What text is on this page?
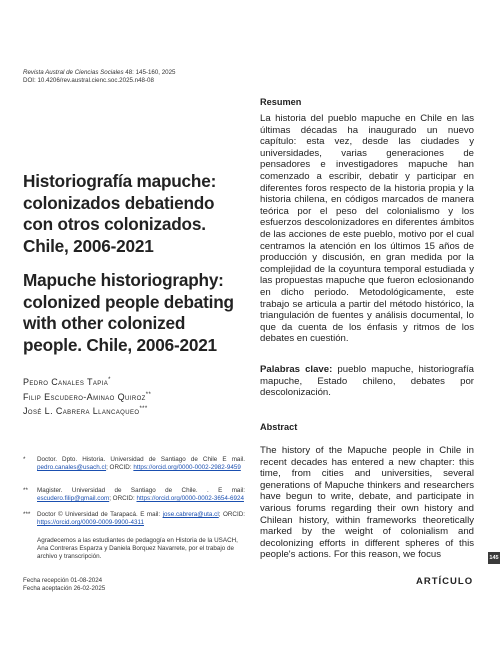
Revista Austral de Ciencias Sociales 48: 145-160, 2025
DOI: 10.4206/rev.austral.cienc.soc.2025.n48-08
Historiografía mapuche: colonizados debatiendo con otros colonizados. Chile, 2006-2021
Mapuche historiography: colonized people debating with other colonized people. Chile, 2006-2021
Pedro Canales Tapia*
Filip Escudero-Aminao Quiroz**
José L. Cabrera Llancaqueo***
* Doctor. Dpto. Historia. Universidad de Santiago de Chile E mail. pedro.canales@usach.cl; ORCID: https://orcid.org/0000-0002-2982-9459
** Magister. Universidad de Santiago de Chile. . E mail: escudero.filip@gmail.com; ORCID: https://orcid.org/0000-0002-3654-6924
*** Doctor © Universidad de Tarapacá. E mail: jose.cabrera@uta.cl; ORCID: https://orcid.org/0009-0009-9900-4311
Agradecemos a las estudiantes de pedagogía en Historia de la USACH, Ana Contreras Esparza y Daniela Borquez Navarrete, por el trabajo de archivo y transcripción.
Fecha recepción 01-08-2024
Fecha aceptación 26-02-2025
Resumen
La historia del pueblo mapuche en Chile en las últimas décadas ha inaugurado un nuevo capítulo: esta vez, desde las ciudades y universidades, varias generaciones de pensadores e investigadores mapuche han comenzado a escribir, debatir y participar en diferentes foros respecto de la historia propia y la historia chilena, en códigos marcados de manera teórica por el peso del colonialismo y los esfuerzos descolonizadores en diferentes ámbitos de las acciones de este pueblo, motivo por el cual centramos la atención en los últimos 15 años de producción y discusión, en gran medida por la complejidad de la coyuntura temporal estudiada y las propuestas mapuche que fueron eclosionando en dicho periodo. Metodológicamente, este trabajo se articula a partir del método histórico, la triangulación de fuentes y análisis documental, lo que da cuenta de los énfasis y ritmos de los debates en cuestión.
Palabras clave: pueblo mapuche, historiografía mapuche, Estado chileno, debates por descolonización.
Abstract
The history of the Mapuche people in Chile in recent decades has entered a new chapter: this time, from cities and universities, several generations of Mapuche thinkers and researchers have begun to write, debate, and participate in various forums regarding their own history and Chilean history, within frameworks theoretically marked by the weight of colonialism and decolonizing efforts in different spheres of this people's actions. For this reason, we focus	145
ARTÍCULO
